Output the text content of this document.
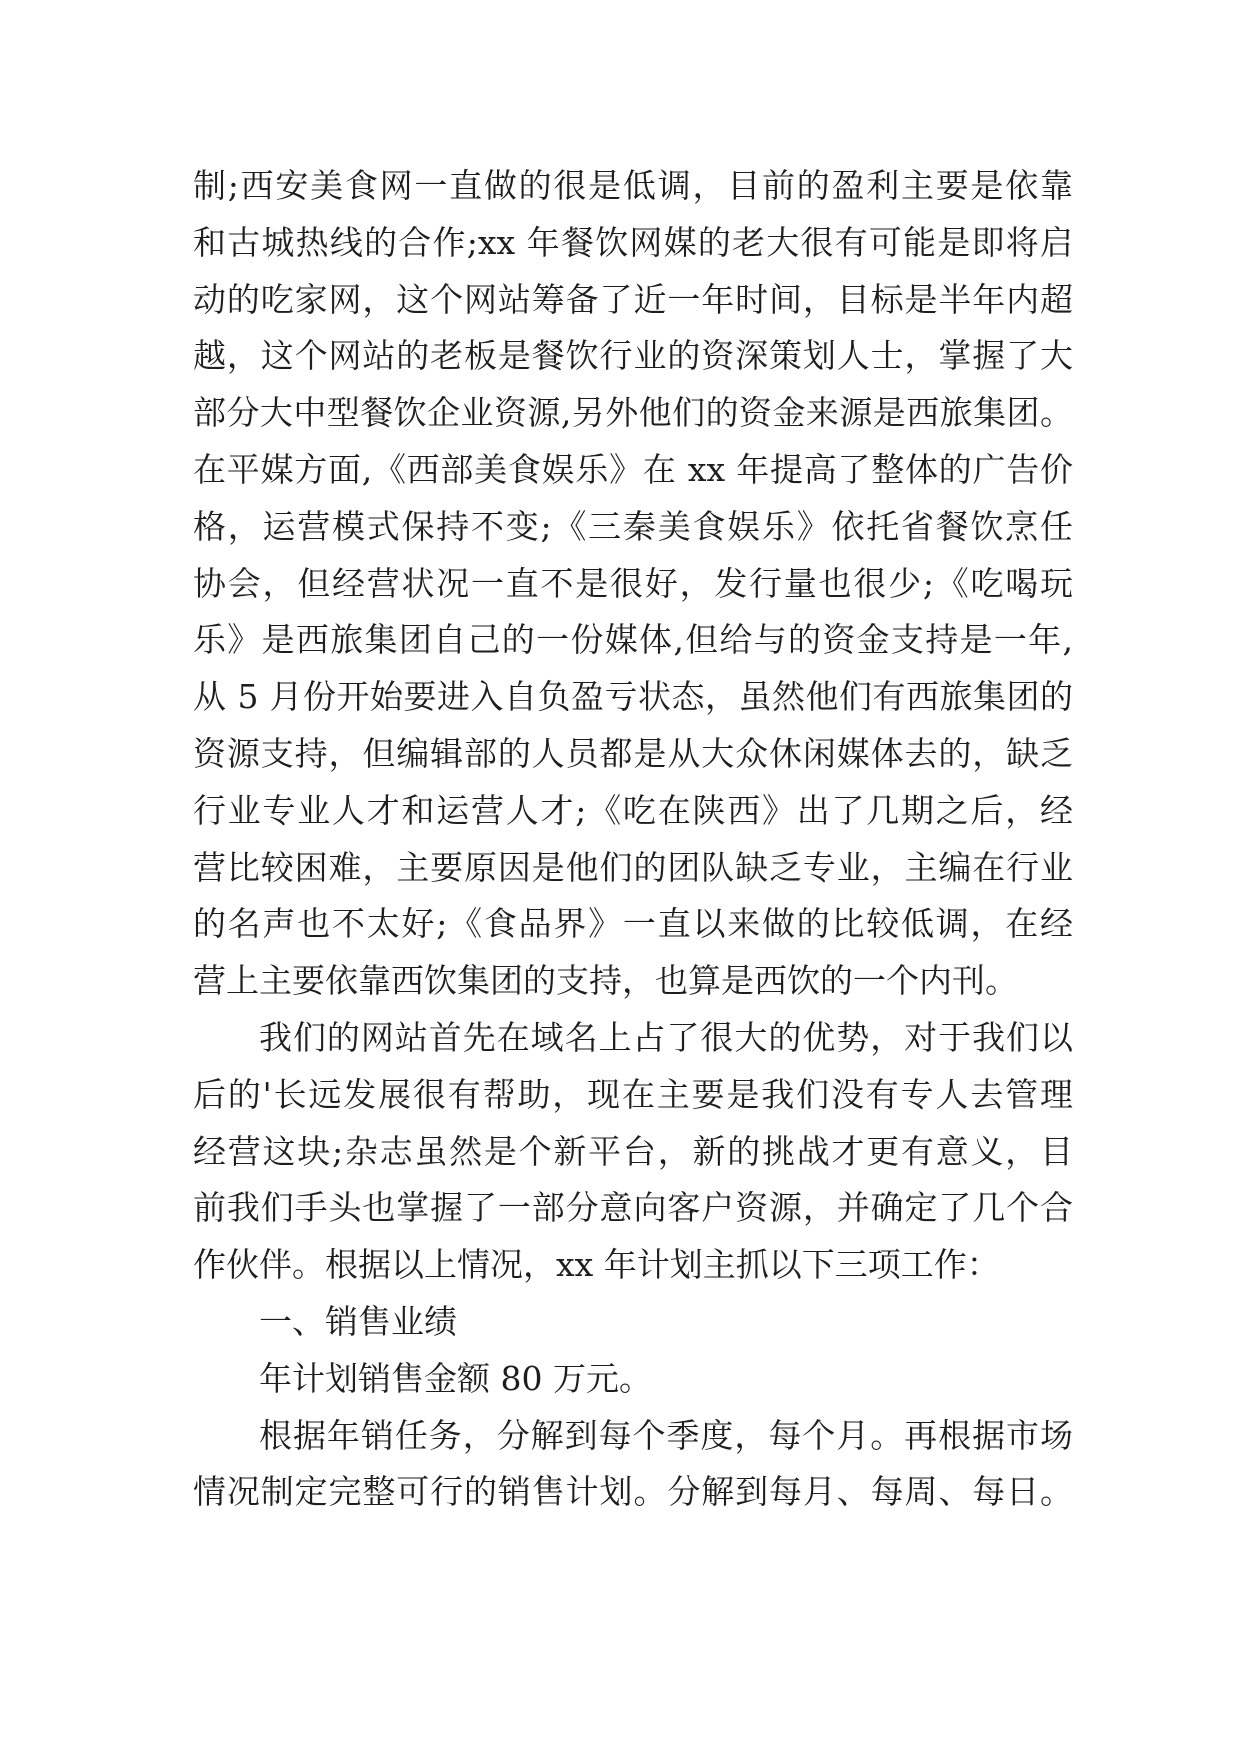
制;西安美食网一直做的很是低调，目前的盈利主要是依靠
和古城热线的合作;xx 年餐饮网媒的老大很有可能是即将启
动的吃家网，这个网站筹备了近一年时间，目标是半年内超
越，这个网站的老板是餐饮行业的资深策划人士，掌握了大
部分大中型餐饮企业资源,另外他们的资金来源是西旅集团。
在平媒方面,《西部美食娱乐》在 xx 年提高了整体的广告价
格，运营模式保持不变;《三秦美食娱乐》依托省餐饮烹任
协会，但经营状况一直不是很好，发行量也很少;《吃喝玩
乐》是西旅集团自己的一份媒体,但给与的资金支持是一年,
从 5 月份开始要进入自负盈亏状态，虽然他们有西旅集团的
资源支持，但编辑部的人员都是从大众休闲媒体去的，缺乏
行业专业人才和运营人才;《吃在陕西》出了几期之后，经
营比较困难，主要原因是他们的团队缺乏专业，主编在行业
的名声也不太好;《食品界》一直以来做的比较低调，在经
营上主要依靠西饮集团的支持，也算是西饮的一个内刊。
我们的网站首先在域名上占了很大的优势，对于我们以
后的'长远发展很有帮助，现在主要是我们没有专人去管理
经营这块;杂志虽然是个新平台，新的挑战才更有意义，目
前我们手头也掌握了一部分意向客户资源，并确定了几个合
作伙伴。根据以上情况，xx 年计划主抓以下三项工作：
一、销售业绩
年计划销售金额 80 万元。
根据年销任务，分解到每个季度，每个月。再根据市场
情况制定完整可行的销售计划。分解到每月、每周、每日。
